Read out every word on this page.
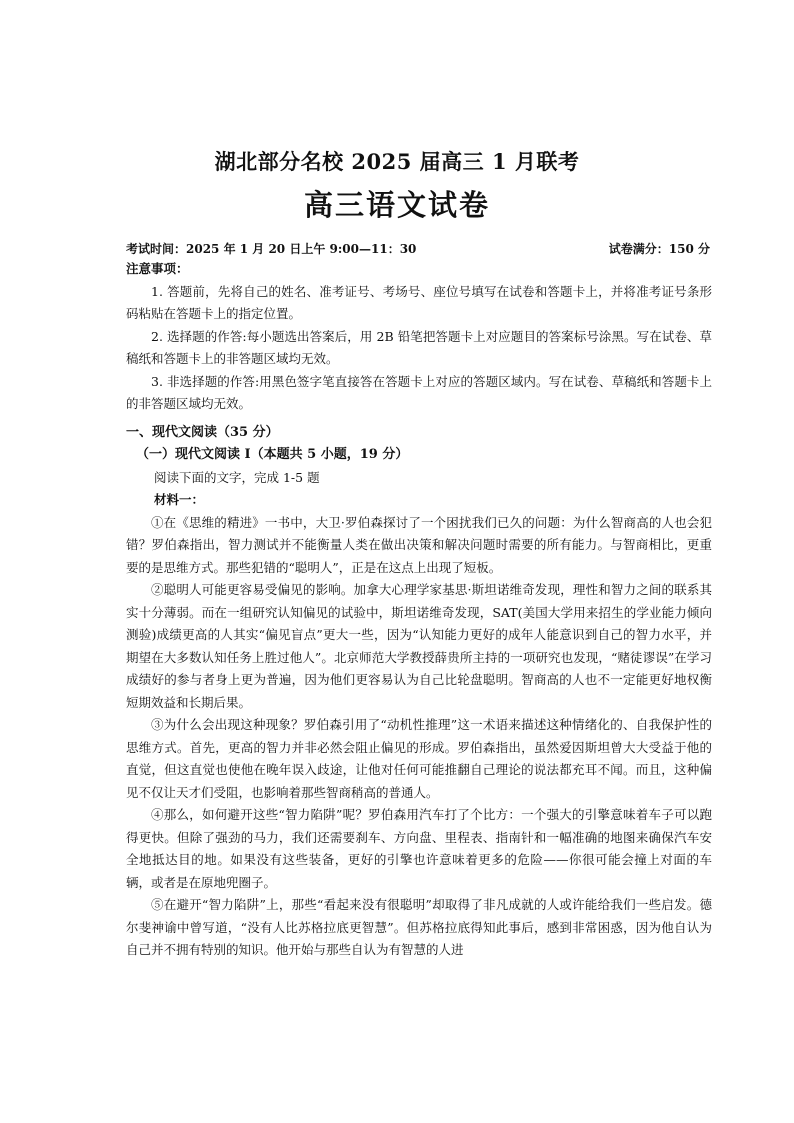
湖北部分名校 2025 届高三 1 月联考
高三语文试卷
考试时间：2025 年 1 月 20 日上午 9:00—11：30	试卷满分：150 分

注意事项：

1. 答题前，先将自己的姓名、准考证号、考场号、座位号填写在试卷和答题卡上，并将准考证号条形码粘贴在答题卡上的指定位置。

2. 选择题的作答:每小题选出答案后，用 2B 铅笔把答题卡上对应题目的答案标号涂黑。写在试卷、草稿纸和答题卡上的非答题区域均无效。

3. 非选择题的作答:用黑色签字笔直接答在答题卡上对应的答题区域内。写在试卷、草稿纸和答题卡上的非答题区域均无效。

一、现代文阅读（35 分）

（一）现代文阅读 I（本题共 5 小题，19 分）

阅读下面的文字，完成 1-5 题

材料一：

①在《思维的精进》一书中，大卫·罗伯森探讨了一个困扰我们已久的问题：为什么智商高的人也会犯错？罗伯森指出，智力测试并不能衡量人类在做出决策和解决问题时需要的所有能力。与智商相比，更重要的是思维方式。那些犯错的“聪明人”，正是在这点上出现了短板。

②聪明人可能更容易受偏见的影响。加拿大心理学家基思·斯坦诺维奇发现，理性和智力之间的联系其实十分薄弱。而在一组研究认知偏见的试验中，斯坦诺维奇发现，SAT(美国大学用来招生的学业能力倾向测验)成绩更高的人其实“偏见盲点”更大一些，因为“认知能力更好的成年人能意识到自己的智力水平，并期望在大多数认知任务上胜过他人”。北京师范大学教授薛贵所主持的一项研究也发现，“赌徒谬误”在学习成绩好的参与者身上更为普遍，因为他们更容易认为自己比轮盘聪明。智商高的人也不一定能更好地权衡短期效益和长期后果。

③为什么会出现这种现象？罗伯森引用了“动机性推理”这一术语来描述这种情绪化的、自我保护性的思维方式。首先，更高的智力并非必然会阻止偏见的形成。罗伯森指出，虽然爱因斯坦曾大大受益于他的直觉，但这直觉也使他在晚年误入歧途，让他对任何可能推翻自己理论的说法都充耳不闻。而且，这种偏见不仅让天才们受阻，也影响着那些智商稍高的普通人。

④那么，如何避开这些“智力陷阱”呢？罗伯森用汽车打了个比方：一个强大的引擎意味着车子可以跑得更快。但除了强劲的马力，我们还需要刹车、方向盘、里程表、指南针和一幅准确的地图来确保汽车安全地抵达目的地。如果没有这些装备，更好的引擎也许意味着更多的危险——你很可能会撞上对面的车辆，或者是在原地兜圈子。

⑤在避开“智力陷阱”上，那些“看起来没有很聪明”却取得了非凡成就的人或许能给我们一些启发。德尔斐神谕中曾写道，“没有人比苏格拉底更智慧”。但苏格拉底得知此事后，感到非常困惑，因为他自认为自己并不拥有特别的知识。他开始与那些自认为有智慧的人进
